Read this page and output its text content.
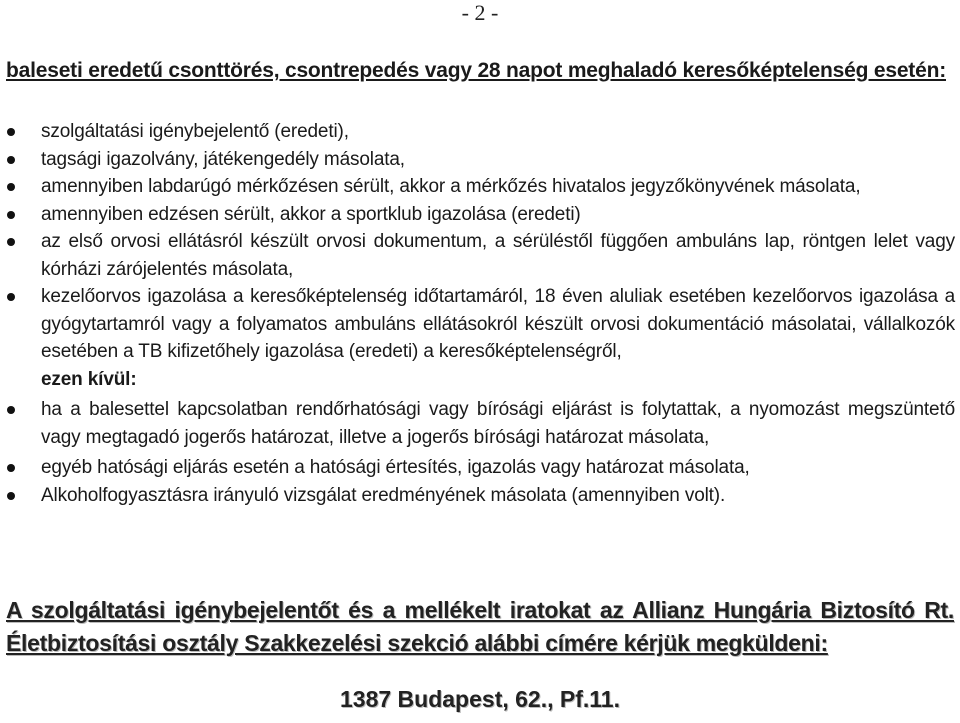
- 2 -
baleseti eredetű csonttörés, csontrepedés vagy 28 napot meghaladó keresőképtelenség esetén:
szolgáltatási igénybejelentő (eredeti),
tagsági igazolvány, játékengedély másolata,
amennyiben labdarúgó mérkőzésen sérült, akkor a mérkőzés hivatalos jegyzőkönyvének másolata,
amennyiben edzésen sérült, akkor a sportklub igazolása (eredeti)
az első orvosi ellátásról készült orvosi dokumentum, a sérüléstől függően ambuláns lap, röntgen lelet vagy kórházi zárójelentés másolata,
kezelőorvos igazolása a keresőképtelenség időtartamáról, 18 éven aluliak esetében kezelőorvos igazolása a gyógytartamról vagy a folyamatos ambuláns ellátásokról készült orvosi dokumentáció másolatai, vállalkozók esetében a TB kifizetőhely igazolása (eredeti) a keresőképtelenségről,
ezen kívül:
ha a balesettel kapcsolatban rendőrhatósági vagy bírósági eljárást is folytattak, a nyomozást megszüntető vagy megtagadó jogerős határozat, illetve a jogerős bírósági határozat másolata,
egyéb hatósági eljárás esetén a hatósági értesítés, igazolás vagy határozat másolata,
Alkoholfogyasztásra irányuló vizsgálat eredményének másolata (amennyiben volt).
A szolgáltatási igénybejelentőt és a mellékelt iratokat az Allianz Hungária Biztosító Rt. Életbiztosítási osztály Szakkezelési szekció alábbi címére kérjük megküldeni:
1387 Budapest, 62., Pf.11.
